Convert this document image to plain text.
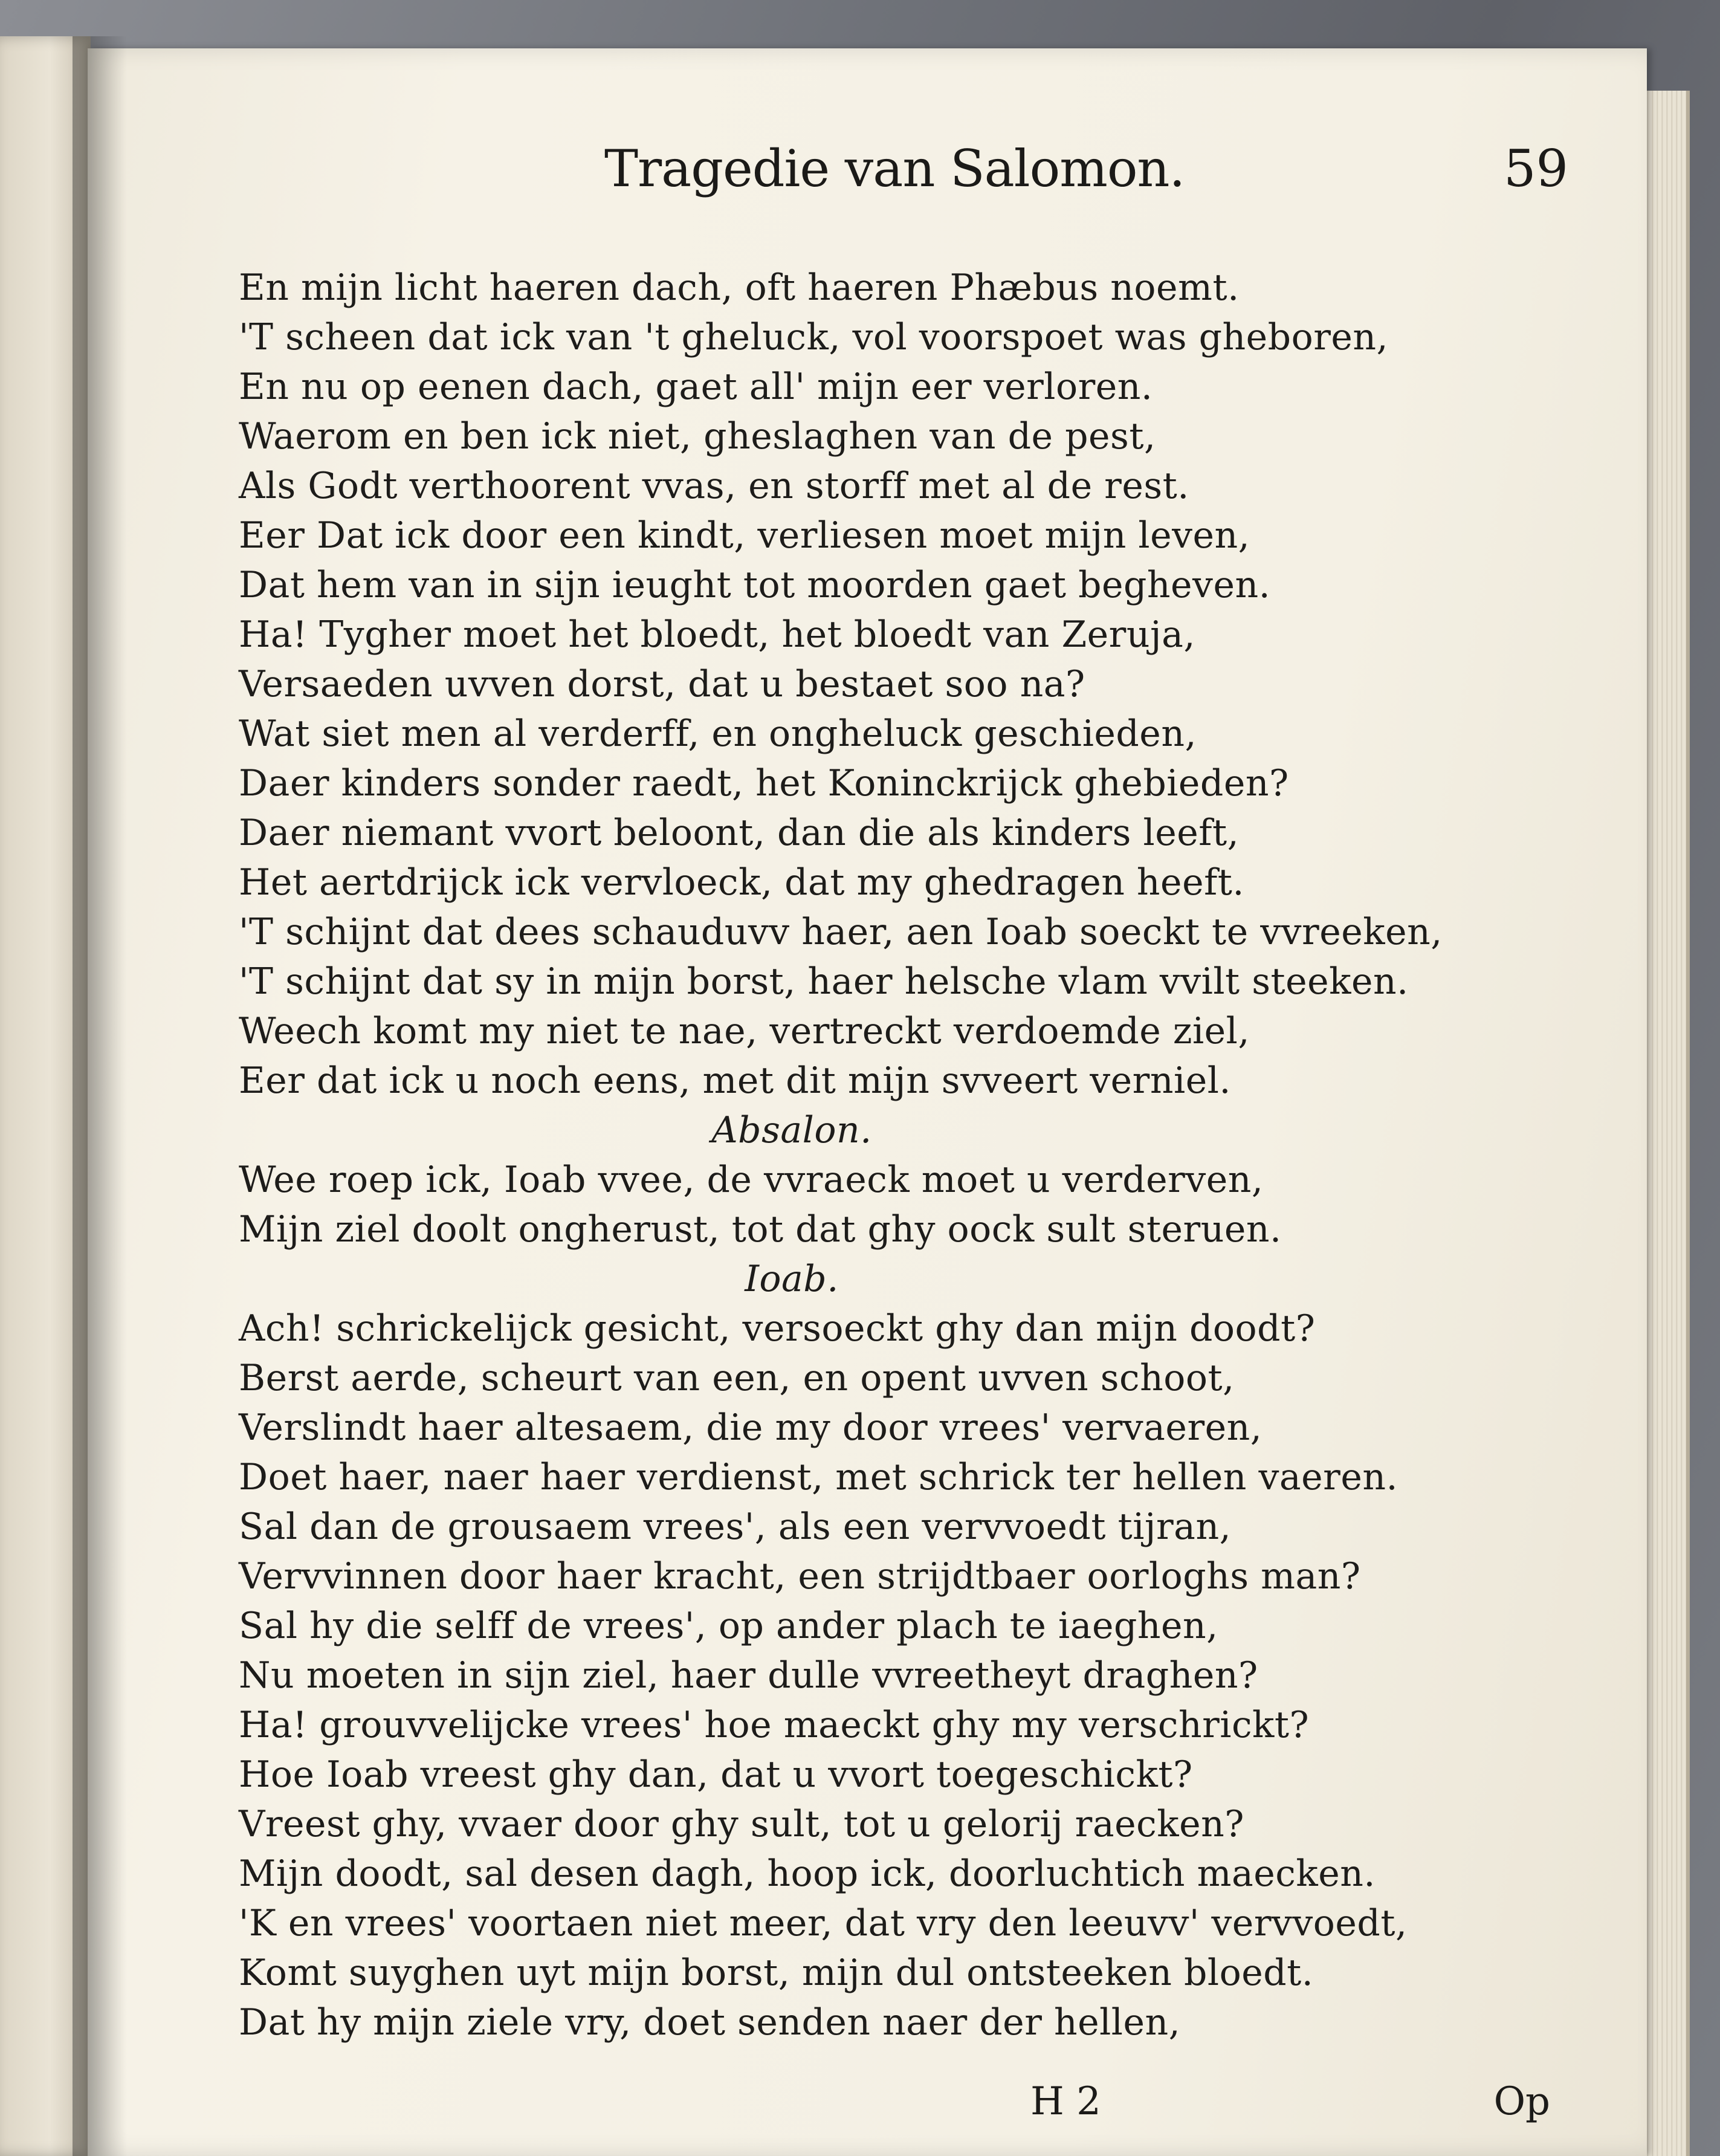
Tragedie van Salomon.	59
En mijn licht haeren dach, oft haeren Phæbus noemt.
'T scheen dat ick van 't gheluck, vol voorspoet was gheboren,
En nu op eenen dach, gaet all' mijn eer verloren.
Waerom en ben ick niet, gheslaghen van de pest,
Als Godt verthoorent vvas, en storff met al de rest.
Eer Dat ick door een kindt, verliesen moet mijn leven,
Dat hem van in sijn ieught tot moorden gaet begheven.
Ha! Tygher moet het bloedt, het bloedt van Zeruja,
Versaeden uvven dorst, dat u bestaet soo na?
Wat siet men al verderff, en ongheluck geschieden,
Daer kinders sonder raedt, het Koninckrijck ghebieden?
Daer niemant vvort beloont, dan die als kinders leeft,
Het aertdrijck ick vervloeck, dat my ghedragen heeft.
'T schijnt dat dees schauduvv haer, aen Ioab soeckt te vvreeken,
'T schijnt dat sy in mijn borst, haer helsche vlam vvilt steeken.
Weech komt my niet te nae, vertreckt verdoemde ziel,
Eer dat ick u noch eens, met dit mijn svveert verniel.
Absalon.
Wee roep ick, Ioab vvee, de vvraeck moet u verderven,
Mijn ziel doolt ongherust, tot dat ghy oock sult steruen.
Ioab.
Ach! schrickelijck gesicht, versoeckt ghy dan mijn doodt?
Berst aerde, scheurt van een, en opent uvven schoot,
Verslindt haer altesaem, die my door vrees' vervaeren,
Doet haer, naer haer verdienst, met schrick ter hellen vaeren.
Sal dan de grousaem vrees', als een vervvoedt tijran,
Vervvinnen door haer kracht, een strijdtbaer oorloghs man?
Sal hy die selff de vrees', op ander plach te iaeghen,
Nu moeten in sijn ziel, haer dulle vvreetheyt draghen?
Ha! grouvvelijcke vrees' hoe maeckt ghy my verschrickt?
Hoe Ioab vreest ghy dan, dat u vvort toegeschickt?
Vreest ghy, vvaer door ghy sult, tot u gelorij raecken?
Mijn doodt, sal desen dagh, hoop ick, doorluchtich maecken.
'K en vrees' voortaen niet meer, dat vry den leeuvv' vervvoedt,
Komt suyghen uyt mijn borst, mijn dul ontsteeken bloedt.
Dat hy mijn ziele vry, doet senden naer der hellen,
H 2	Op
